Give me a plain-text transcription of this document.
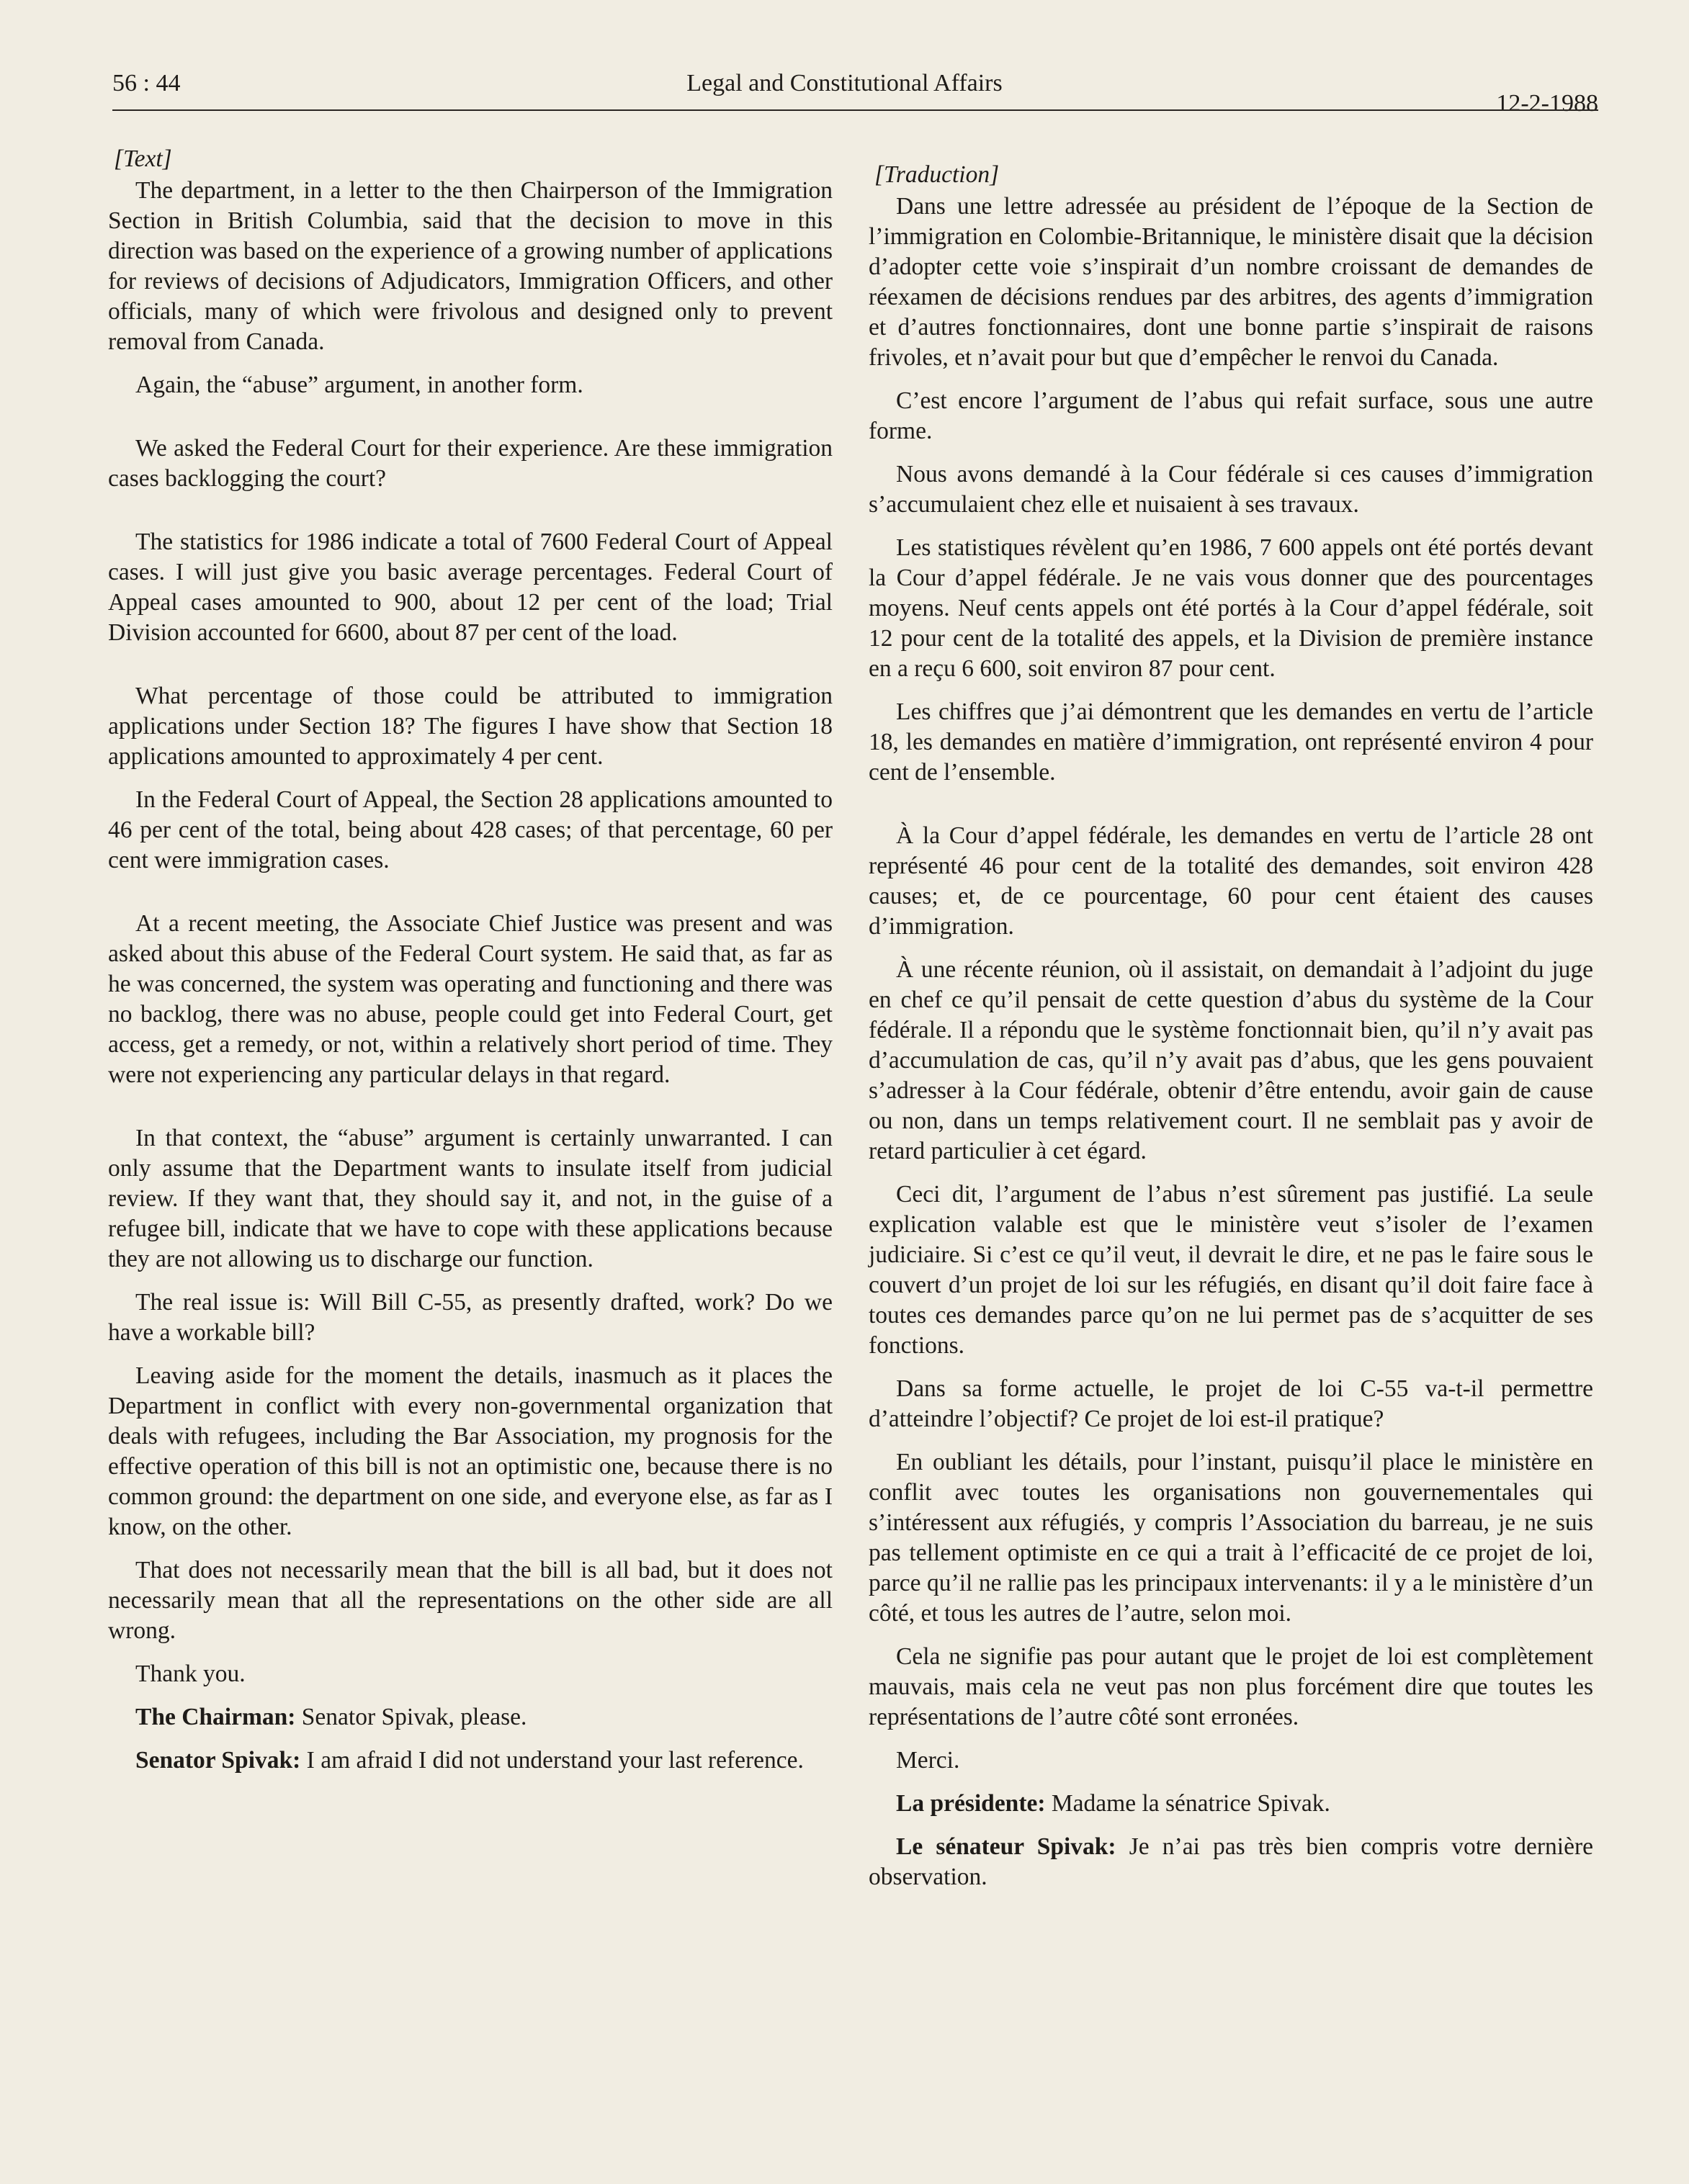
56 : 44	Legal and Constitutional Affairs
12-2-1988

[Text]

The department, in a letter to the then Chairperson of the Immigration Section in British Columbia, said that the decision to move in this direction was based on the experience of a growing number of applications for reviews of decisions of Adjudicators, Immigration Officers, and other officials, many of which were frivolous and designed only to prevent removal from Canada.

Again, the “abuse” argument, in another form.

We asked the Federal Court for their experience. Are these immigration cases backlogging the court?

The statistics for 1986 indicate a total of 7600 Federal Court of Appeal cases. I will just give you basic average percentages. Federal Court of Appeal cases amounted to 900, about 12 per cent of the load; Trial Division accounted for 6600, about 87 per cent of the load.

What percentage of those could be attributed to immigration applications under Section 18? The figures I have show that Section 18 applications amounted to approximately 4 per cent.

In the Federal Court of Appeal, the Section 28 applications amounted to 46 per cent of the total, being about 428 cases; of that percentage, 60 per cent were immigration cases.

At a recent meeting, the Associate Chief Justice was present and was asked about this abuse of the Federal Court system. He said that, as far as he was concerned, the system was operating and functioning and there was no backlog, there was no abuse, people could get into Federal Court, get access, get a remedy, or not, within a relatively short period of time. They were not experiencing any particular delays in that regard.

In that context, the “abuse” argument is certainly unwarranted. I can only assume that the Department wants to insulate itself from judicial review. If they want that, they should say it, and not, in the guise of a refugee bill, indicate that we have to cope with these applications because they are not allowing us to discharge our function.

The real issue is: Will Bill C-55, as presently drafted, work? Do we have a workable bill?

Leaving aside for the moment the details, inasmuch as it places the Department in conflict with every non-governmental organization that deals with refugees, including the Bar Association, my prognosis for the effective operation of this bill is not an optimistic one, because there is no common ground: the department on one side, and everyone else, as far as I know, on the other.

That does not necessarily mean that the bill is all bad, but it does not necessarily mean that all the representations on the other side are all wrong.

Thank you.

The Chairman: Senator Spivak, please.

Senator Spivak: I am afraid I did not understand your last reference.

[Traduction]

Dans une lettre adressée au président de l’époque de la Section de l’immigration en Colombie-Britannique, le ministère disait que la décision d’adopter cette voie s’inspirait d’un nombre croissant de demandes de réexamen de décisions rendues par des arbitres, des agents d’immigration et d’autres fonctionnaires, dont une bonne partie s’inspirait de raisons frivoles, et n’avait pour but que d’empêcher le renvoi du Canada.

C’est encore l’argument de l’abus qui refait surface, sous une autre forme.

Nous avons demandé à la Cour fédérale si ces causes d’immigration s’accumulaient chez elle et nuisaient à ses travaux.

Les statistiques révèlent qu’en 1986, 7 600 appels ont été portés devant la Cour d’appel fédérale. Je ne vais vous donner que des pourcentages moyens. Neuf cents appels ont été portés à la Cour d’appel fédérale, soit 12 pour cent de la totalité des appels, et la Division de première instance en a reçu 6 600, soit environ 87 pour cent.

Les chiffres que j’ai démontrent que les demandes en vertu de l’article 18, les demandes en matière d’immigration, ont représenté environ 4 pour cent de l’ensemble.

À la Cour d’appel fédérale, les demandes en vertu de l’article 28 ont représenté 46 pour cent de la totalité des demandes, soit environ 428 causes; et, de ce pourcentage, 60 pour cent étaient des causes d’immigration.

À une récente réunion, où il assistait, on demandait à l’adjoint du juge en chef ce qu’il pensait de cette question d’abus du système de la Cour fédérale. Il a répondu que le système fonctionnait bien, qu’il n’y avait pas d’accumulation de cas, qu’il n’y avait pas d’abus, que les gens pouvaient s’adresser à la Cour fédérale, obtenir d’être entendu, avoir gain de cause ou non, dans un temps relativement court. Il ne semblait pas y avoir de retard particulier à cet égard.

Ceci dit, l’argument de l’abus n’est sûrement pas justifié. La seule explication valable est que le ministère veut s’isoler de l’examen judiciaire. Si c’est ce qu’il veut, il devrait le dire, et ne pas le faire sous le couvert d’un projet de loi sur les réfugiés, en disant qu’il doit faire face à toutes ces demandes parce qu’on ne lui permet pas de s’acquitter de ses fonctions.

Dans sa forme actuelle, le projet de loi C-55 va-t-il permettre d’atteindre l’objectif? Ce projet de loi est-il pratique?

En oubliant les détails, pour l’instant, puisqu’il place le ministère en conflit avec toutes les organisations non gouvernementales qui s’intéressent aux réfugiés, y compris l’Association du barreau, je ne suis pas tellement optimiste en ce qui a trait à l’efficacité de ce projet de loi, parce qu’il ne rallie pas les principaux intervenants: il y a le ministère d’un côté, et tous les autres de l’autre, selon moi.

Cela ne signifie pas pour autant que le projet de loi est complètement mauvais, mais cela ne veut pas non plus forcément dire que toutes les représentations de l’autre côté sont erronées.

Merci.

La présidente: Madame la sénatrice Spivak.

Le sénateur Spivak: Je n’ai pas très bien compris votre dernière observation.
